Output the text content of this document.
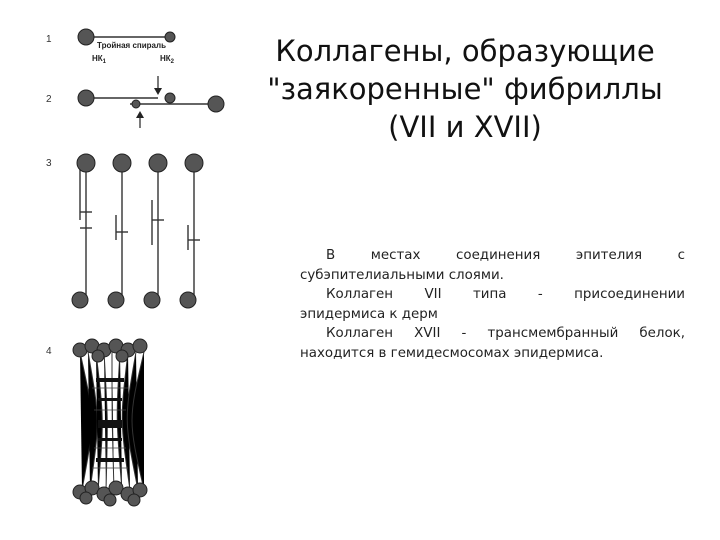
1
2
3
4
Тройная спираль
$НК_1$	$НК_2$	Коллагены, образующие
"заякоренные" фибриллы
(VII и XVII)
В местах соединения эпителия с
субэпителиальными слоями.
Коллаген VII типа - присоединении
эпидермиса к дерм
Коллаген XVII - трансмембранный белок,
находится в гемидесмосомах эпидермиса.
